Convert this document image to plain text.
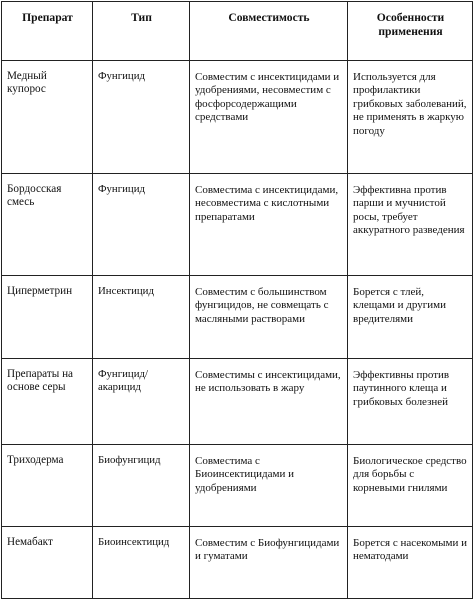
Препарат	Тип	Совместимость	Особенности применения

Медный купорос	Фунгицид	Совместим с инсектицидами и удобрениями, несовместим с фосфорсодержащими средствами	Используется для профилактики грибковых заболеваний, не применять в жаркую погоду

Бордосская смесь	Фунгицид	Совместима с инсектицидами, несовместима с кислотными препаратами	Эффективна против парши и мучнистой росы, требует аккуратного разведения

Циперметрин	Инсектицид	Совместим с большинством фунгицидов, не совмещать с масляными растворами	Борется с тлей, клещами и другими вредителями

Препараты на основе серы	Фунгицид/акарицид	Совместимы с инсектицидами, не использовать в жару	Эффективны против паутинного клеща и грибковых болезней

Триходерма	Биофунгицид	Совместима с Биоинсектицидами и удобрениями	Биологическое средство для борьбы с корневыми гнилями

Немабакт	Биоинсектицид	Совместим с Биофунгицидами и гуматами	Борется с насекомыми и нематодами
